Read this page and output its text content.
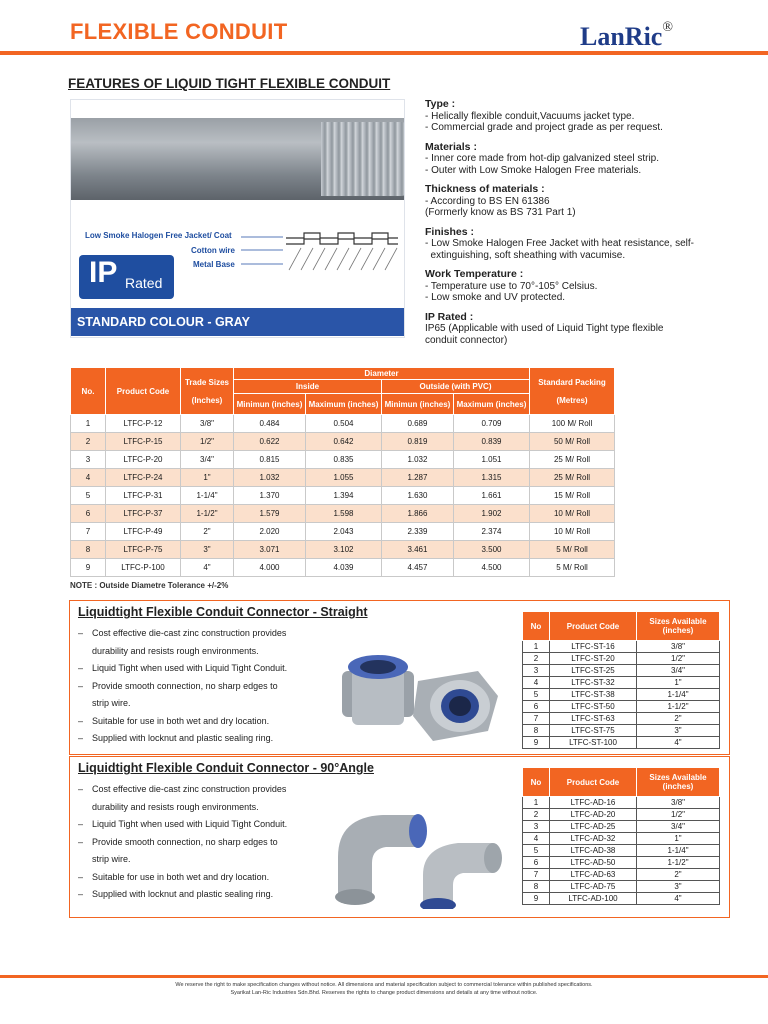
FLEXIBLE CONDUIT	LanRic®
FEATURES OF LIQUID TIGHT FLEXIBLE CONDUIT
Low Smoke Halogen Free Jacket/ Coat
Cotton wire
Metal Base
IP Rated
STANDARD COLOUR - GRAY
Type :
- Helically flexible conduit,Vacuums jacket type.
- Commercial grade and project grade as per request.
Materials :
- Inner core made from hot-dip galvanized steel strip.
- Outer with Low Smoke Halogen Free materials.
Thickness of materials :
- According to BS EN 61386
(Formerly know as BS 731 Part 1)
Finishes :
- Low Smoke Halogen Free Jacket with heat resistance, self-
extinguishing, soft sheathing with vacumise.
Work Temperature :
- Temperature use to 70°-105° Celsius.
- Low smoke and UV protected.
IP Rated :
IP65 (Applicable with used of Liquid Tight type flexible
conduit connector)
No.	Product Code	Trade Sizes

(Inches)	Diameter				Standard Packing

(Metres)
			Inside		Outside (with PVC)		
			Minimun (inches)	Maximum (inches)	Minimun (inches)	Maximum (inches)	
1	LTFC-P-12	3/8"	0.484	0.504	0.689	0.709	100 M/ Roll
2	LTFC-P-15	1/2"	0.622	0.642	0.819	0.839	50 M/ Roll
3	LTFC-P-20	3/4"	0.815	0.835	1.032	1.051	25 M/ Roll
4	LTFC-P-24	1"	1.032	1.055	1.287	1.315	25 M/ Roll
5	LTFC-P-31	1-1/4"	1.370	1.394	1.630	1.661	15 M/ Roll
6	LTFC-P-37	1-1/2"	1.579	1.598	1.866	1.902	10 M/ Roll
7	LTFC-P-49	2"	2.020	2.043	2.339	2.374	10 M/ Roll
8	LTFC-P-75	3"	3.071	3.102	3.461	3.500	5 M/ Roll
9	LTFC-P-100	4"	4.000	4.039	4.457	4.500	5 M/ Roll
NOTE : Outside Diametre Tolerance +/-2%
Liquidtight Flexible Conduit Connector - Straight
–Cost effective die-cast zinc construction provides
durability and resists rough environments.
–Liquid Tight when used with Liquid Tight Conduit.
–Provide smooth connection, no sharp edges to
strip wire.
–Suitable for use in both wet and dry location.
–Supplied with locknut and plastic sealing ring.
No	Product Code	Sizes Available (inches)
1	LTFC-ST-16	3/8"
2	LTFC-ST-20	1/2"
3	LTFC-ST-25	3/4"
4	LTFC-ST-32	1"
5	LTFC-ST-38	1-1/4"
6	LTFC-ST-50	1-1/2"
7	LTFC-ST-63	2"
8	LTFC-ST-75	3"
9	LTFC-ST-100	4"
Liquidtight Flexible Conduit Connector - 90°Angle
–Cost effective die-cast zinc construction provides
durability and resists rough environments.
–Liquid Tight when used with Liquid Tight Conduit.
–Provide smooth connection, no sharp edges to
strip wire.
–Suitable for use in both wet and dry location.
–Supplied with locknut and plastic sealing ring.
No	Product Code	Sizes Available (inches)
1	LTFC-AD-16	3/8"
2	LTFC-AD-20	1/2"
3	LTFC-AD-25	3/4"
4	LTFC-AD-32	1"
5	LTFC-AD-38	1-1/4"
6	LTFC-AD-50	1-1/2"
7	LTFC-AD-63	2"
8	LTFC-AD-75	3"
9	LTFC-AD-100	4"
We reserve the right to make specification changes without notice. All dimensions and material specification subject to commercial tolerance within published specifications.
Syarikat Lan-Ric Industries Sdn.Bhd. Reserves the rights to change product dimensions and details at any time without notice.
